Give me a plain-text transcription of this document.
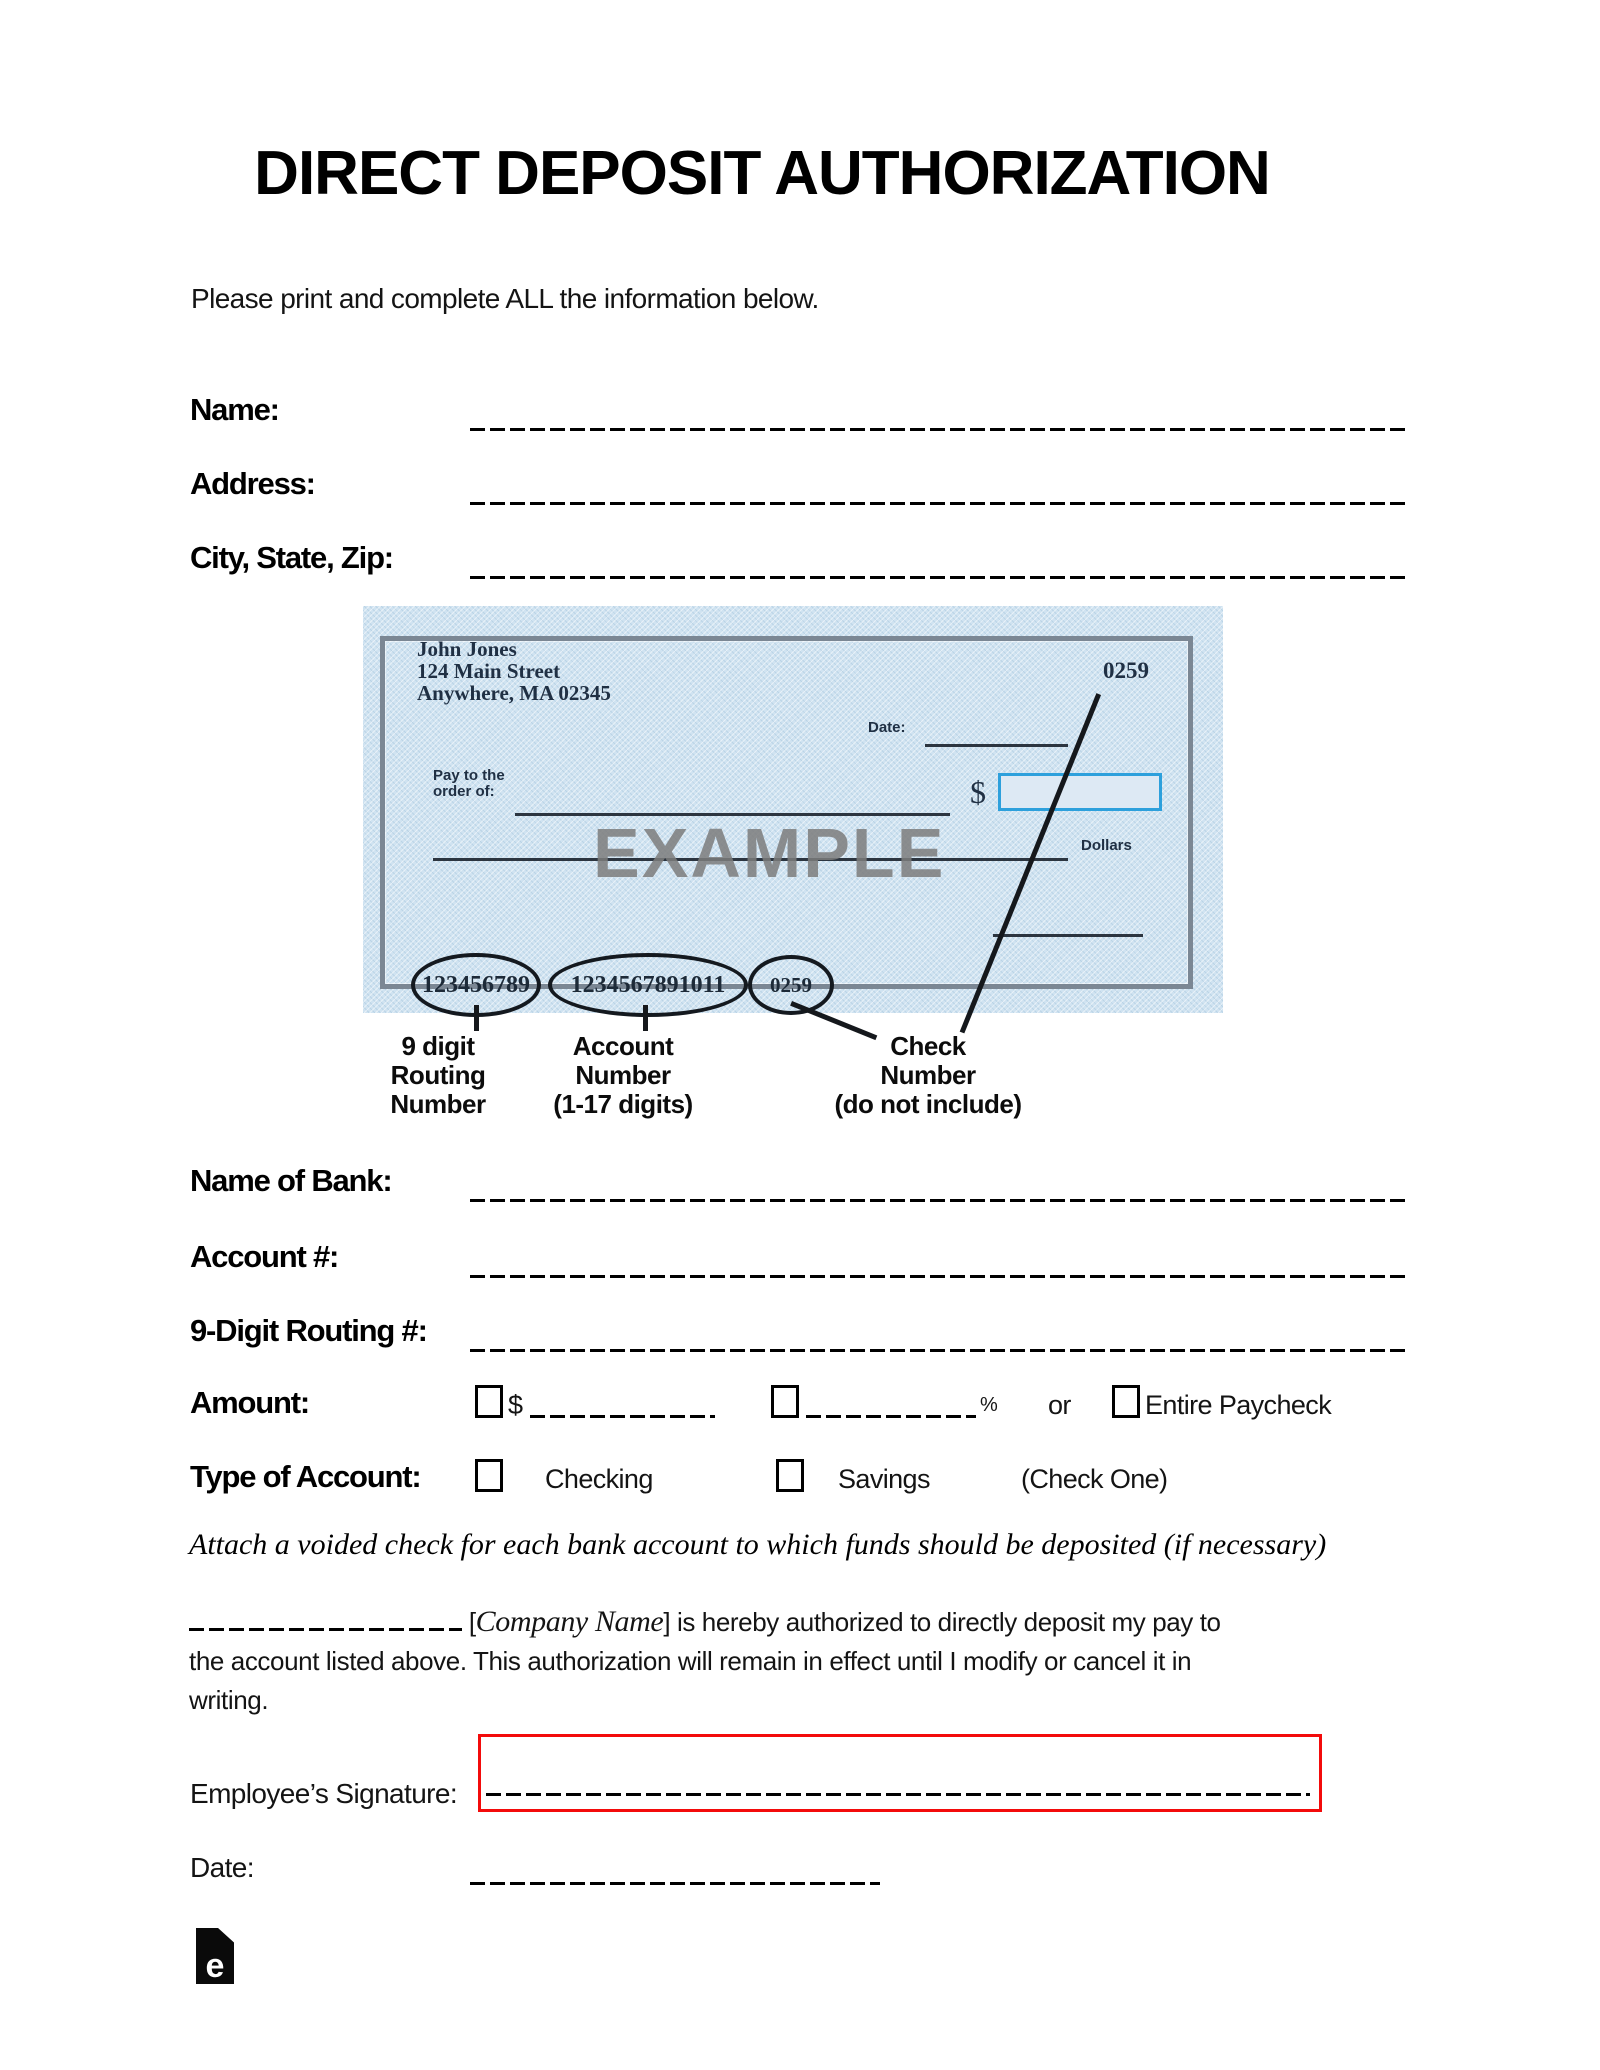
DIRECT DEPOSIT AUTHORIZATION
Please print and complete ALL the information below.
Name:
Address:
City, State, Zip:
John Jones
124 Main Street
Anywhere, MA 02345
0259
Date:
Pay to the
order of:	$
Dollars
EXAMPLE
123456789 1234567891011 0259
9 digit
Routing
Number
Account
Number
(1-17 digits)
Check
Number
(do not include)
Name of Bank:
Account #:
9-Digit Routing #:
Amount:	$	% or	Entire Paycheck
Type of Account:	Checking	Savings	(Check One)
Attach a voided check for each bank account to which funds should be deposited (if necessary)
[Company Name] is hereby authorized to directly deposit my pay to
the account listed above. This authorization will remain in effect until I modify or cancel it in
writing.
Employee’s Signature:
Date:
e
